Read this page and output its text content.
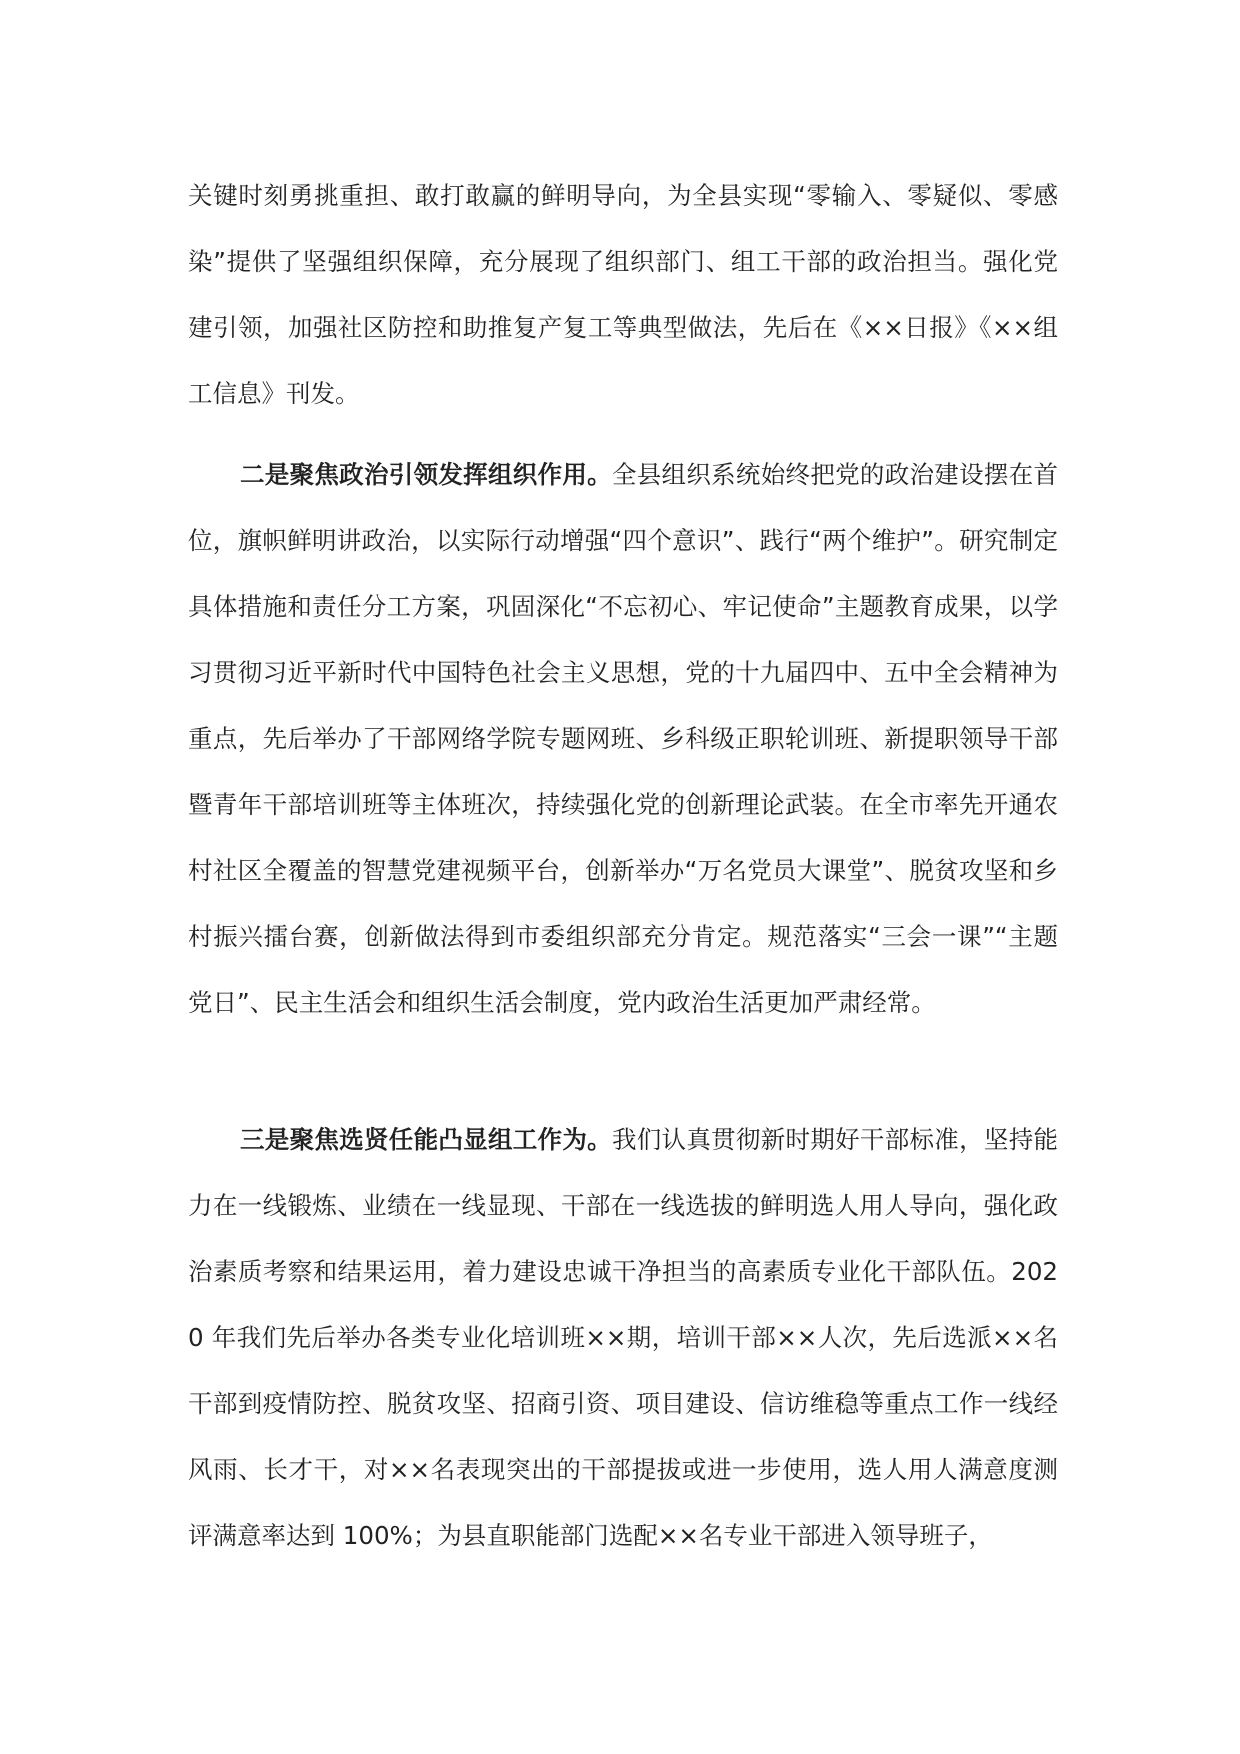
关键时刻勇挑重担、敢打敢赢的鲜明导向，为全县实现“零输入、零疑似、零感染”提供了坚强组织保障，充分展现了组织部门、组工干部的政治担当。强化党建引领，加强社区防控和助推复产复工等典型做法，先后在《××日报》《××组工信息》刊发。

二是聚焦政治引领发挥组织作用。全县组织系统始终把党的政治建设摆在首位，旗帜鲜明讲政治，以实际行动增强“四个意识”、践行“两个维护”。研究制定具体措施和责任分工方案，巩固深化“不忘初心、牢记使命”主题教育成果，以学习贯彻习近平新时代中国特色社会主义思想，党的十九届四中、五中全会精神为重点，先后举办了干部网络学院专题网班、乡科级正职轮训班、新提职领导干部暨青年干部培训班等主体班次，持续强化党的创新理论武装。在全市率先开通农村社区全覆盖的智慧党建视频平台，创新举办“万名党员大课堂”、脱贫攻坚和乡村振兴擂台赛，创新做法得到市委组织部充分肯定。规范落实“三会一课”“主题党日”、民主生活会和组织生活会制度，党内政治生活更加严肃经常。

三是聚焦选贤任能凸显组工作为。我们认真贯彻新时期好干部标准，坚持能力在一线锻炼、业绩在一线显现、干部在一线选拔的鲜明选人用人导向，强化政治素质考察和结果运用，着力建设忠诚干净担当的高素质专业化干部队伍。2020 年我们先后举办各类专业化培训班××期，培训干部××人次，先后选派××名干部到疫情防控、脱贫攻坚、招商引资、项目建设、信访维稳等重点工作一线经风雨、长才干，对××名表现突出的干部提拔或进一步使用，选人用人满意度测评满意率达到 100%；为县直职能部门选配××名专业干部进入领导班子，
